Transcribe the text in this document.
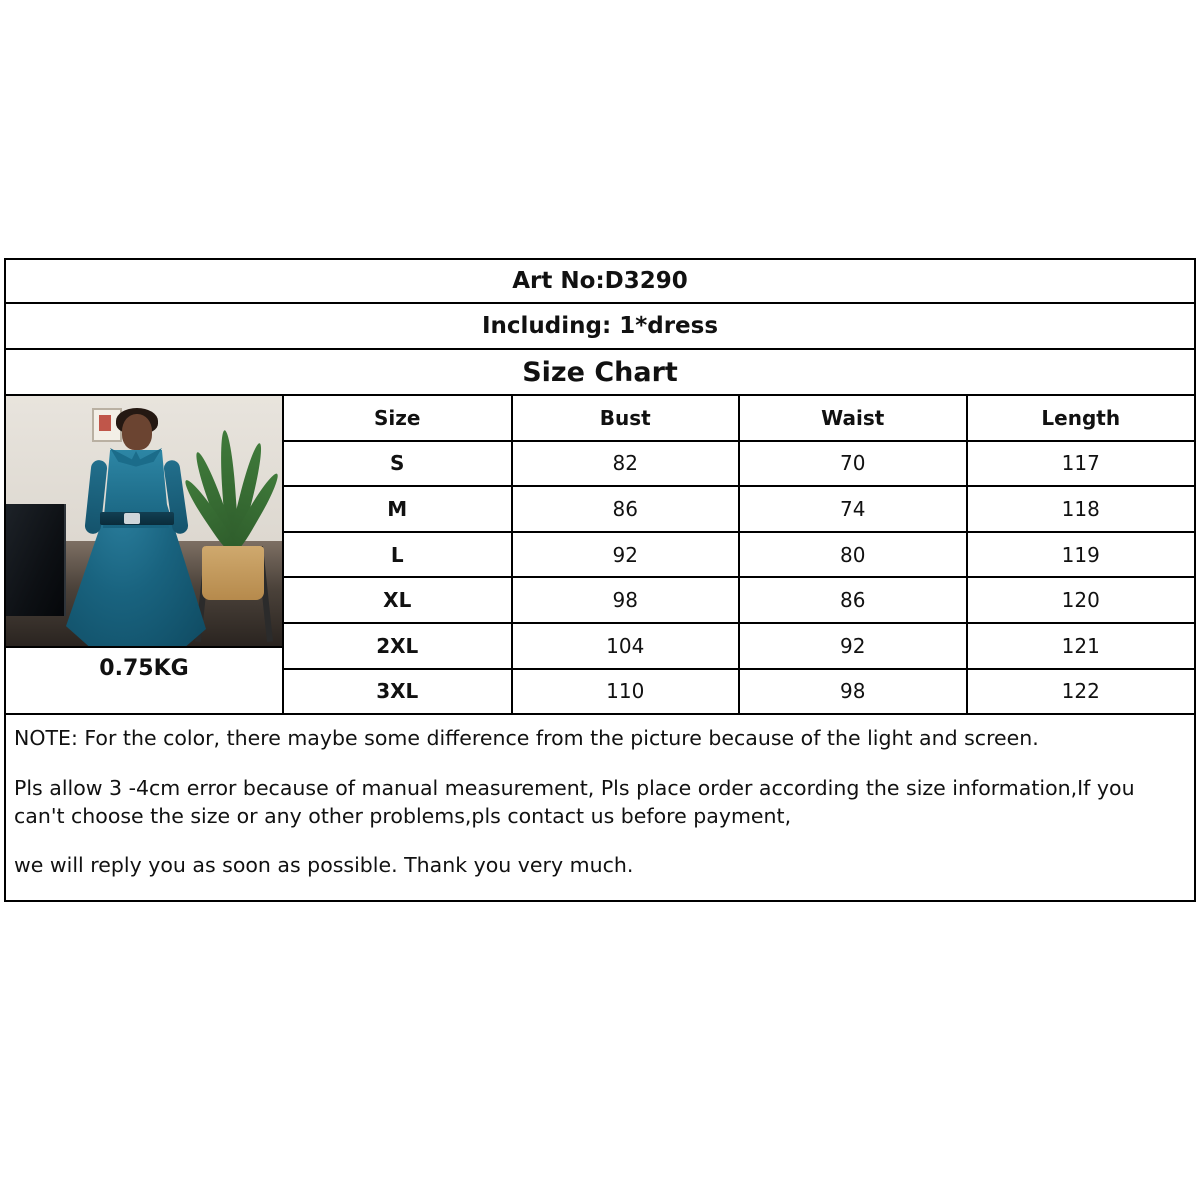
Art No:D3290
Including: 1*dress
Size Chart
0.75KG
Size	Bust	Waist	Length
S	82	70	117
M	86	74	118
L	92	80	119
XL	98	86	120
2XL	104	92	121
3XL	110	98	122

NOTE: For the color, there maybe some difference from the picture because of the light and screen.

Pls allow 3 -4cm error because of manual measurement, Pls place order according the size information,If you can't choose the size or any other problems,pls contact us before payment,

we will reply you as soon as possible. Thank you very much.
